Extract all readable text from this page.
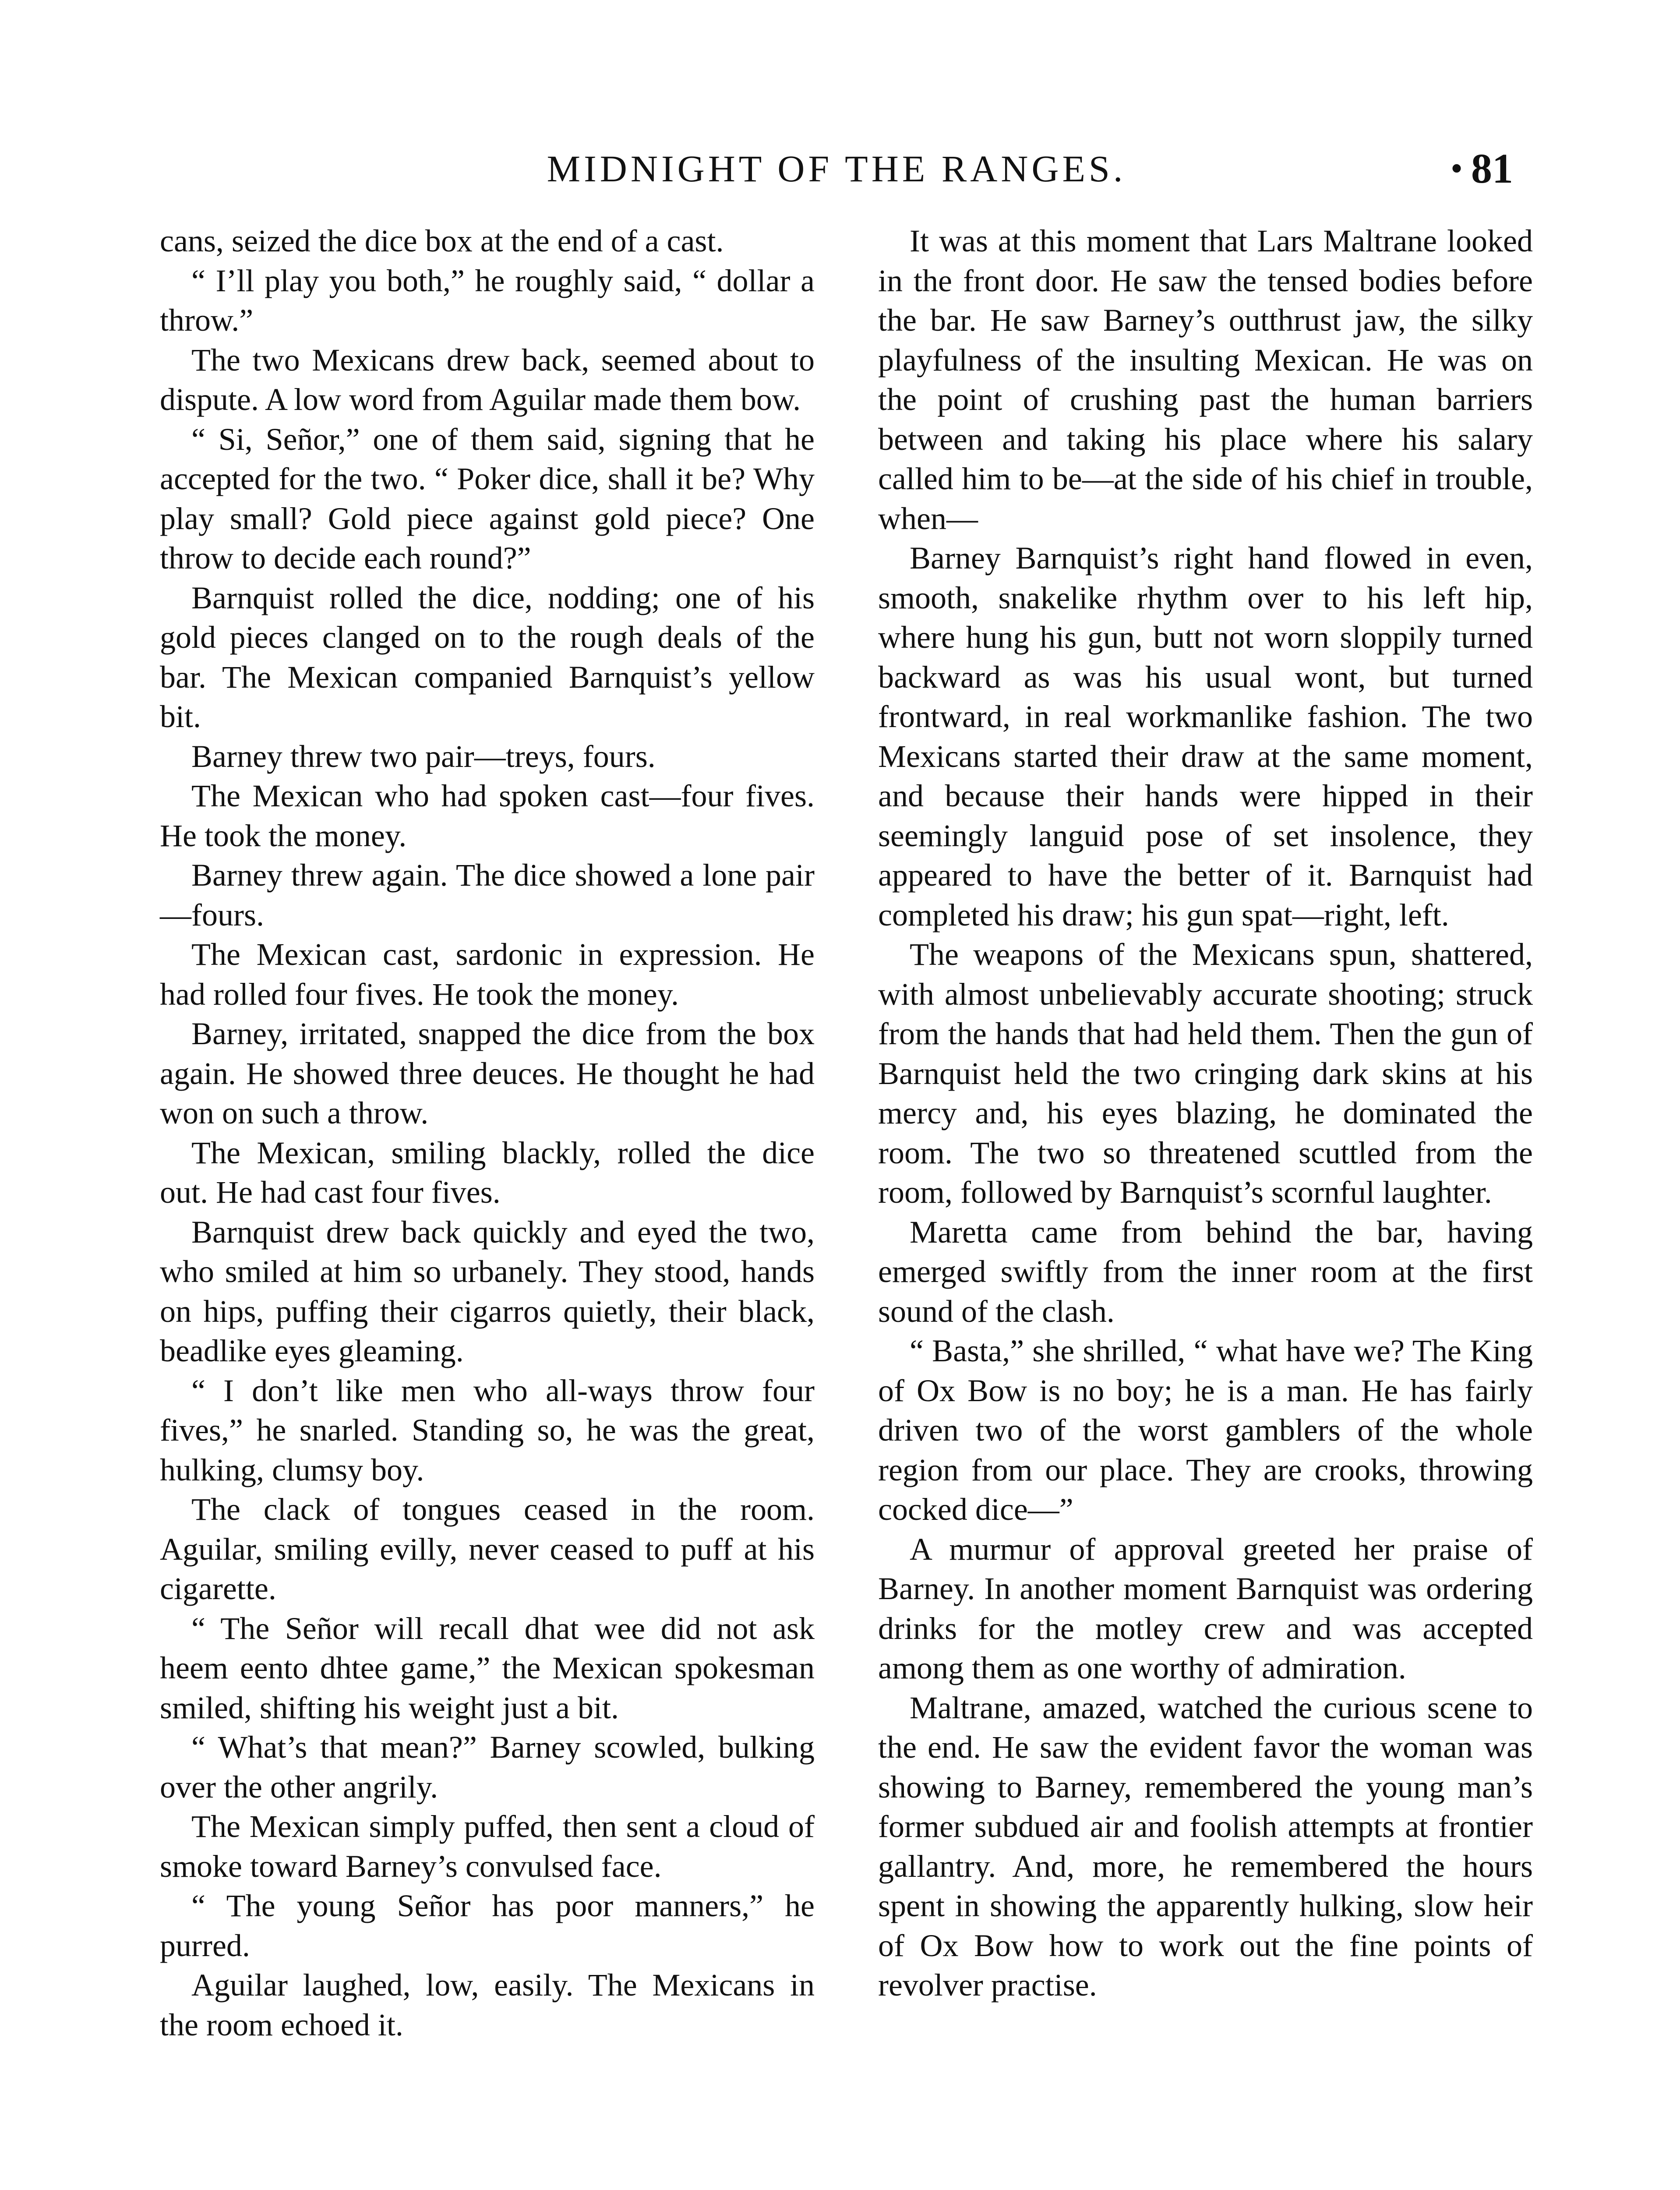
MIDNIGHT OF THE RANGES.	• 81

cans, seized the dice box at the end of a cast.

“ I’ll play you both,” he roughly said, “ dollar a throw.”

The two Mexicans drew back, seemed about to dispute. A low word from Aguilar made them bow.

“ Si, Señor,” one of them said, signing that he accepted for the two. “ Poker dice, shall it be? Why play small? Gold piece against gold piece? One throw to decide each round?”

Barnquist rolled the dice, nodding; one of his gold pieces clanged on to the rough deals of the bar. The Mexican companied Barnquist’s yellow bit.

Barney threw two pair—treys, fours.

The Mexican who had spoken cast—four fives. He took the money.

Barney threw again. The dice showed a lone pair—fours.

The Mexican cast, sardonic in expression. He had rolled four fives. He took the money.

Barney, irritated, snapped the dice from the box again. He showed three deuces. He thought he had won on such a throw.

The Mexican, smiling blackly, rolled the dice out. He had cast four fives.

Barnquist drew back quickly and eyed the two, who smiled at him so urbanely. They stood, hands on hips, puffing their cigarros quietly, their black, beadlike eyes gleaming.

“ I don’t like men who all-ways throw four fives,” he snarled. Standing so, he was the great, hulking, clumsy boy.

The clack of tongues ceased in the room. Aguilar, smiling evilly, never ceased to puff at his cigarette.

“ The Señor will recall dhat wee did not ask heem eento dhtee game,” the Mexican spokesman smiled, shifting his weight just a bit.

“ What’s that mean?” Barney scowled, bulking over the other angrily.

The Mexican simply puffed, then sent a cloud of smoke toward Barney’s convulsed face.

“ The young Señor has poor manners,” he purred.

Aguilar laughed, low, easily. The Mexicans in the room echoed it.

It was at this moment that Lars Maltrane looked in the front door. He saw the tensed bodies before the bar. He saw Barney’s outthrust jaw, the silky playfulness of the insulting Mexican. He was on the point of crushing past the human barriers between and taking his place where his salary called him to be—at the side of his chief in trouble, when—

Barney Barnquist’s right hand flowed in even, smooth, snakelike rhythm over to his left hip, where hung his gun, butt not worn sloppily turned backward as was his usual wont, but turned frontward, in real workmanlike fashion. The two Mexicans started their draw at the same moment, and because their hands were hipped in their seemingly languid pose of set insolence, they appeared to have the better of it. Barnquist had completed his draw; his gun spat—right, left.

The weapons of the Mexicans spun, shattered, with almost unbelievably accurate shooting; struck from the hands that had held them. Then the gun of Barnquist held the two cringing dark skins at his mercy and, his eyes blazing, he dominated the room. The two so threatened scuttled from the room, followed by Barnquist’s scornful laughter.

Maretta came from behind the bar, having emerged swiftly from the inner room at the first sound of the clash.

“ Basta,” she shrilled, “ what have we? The King of Ox Bow is no boy; he is a man. He has fairly driven two of the worst gamblers of the whole region from our place. They are crooks, throwing cocked dice—”

A murmur of approval greeted her praise of Barney. In another moment Barnquist was ordering drinks for the motley crew and was accepted among them as one worthy of admiration.

Maltrane, amazed, watched the curious scene to the end. He saw the evident favor the woman was showing to Barney, remembered the young man’s former subdued air and foolish attempts at frontier gallantry. And, more, he remembered the hours spent in showing the apparently hulking, slow heir of Ox Bow how to work out the fine points of revolver practise.
